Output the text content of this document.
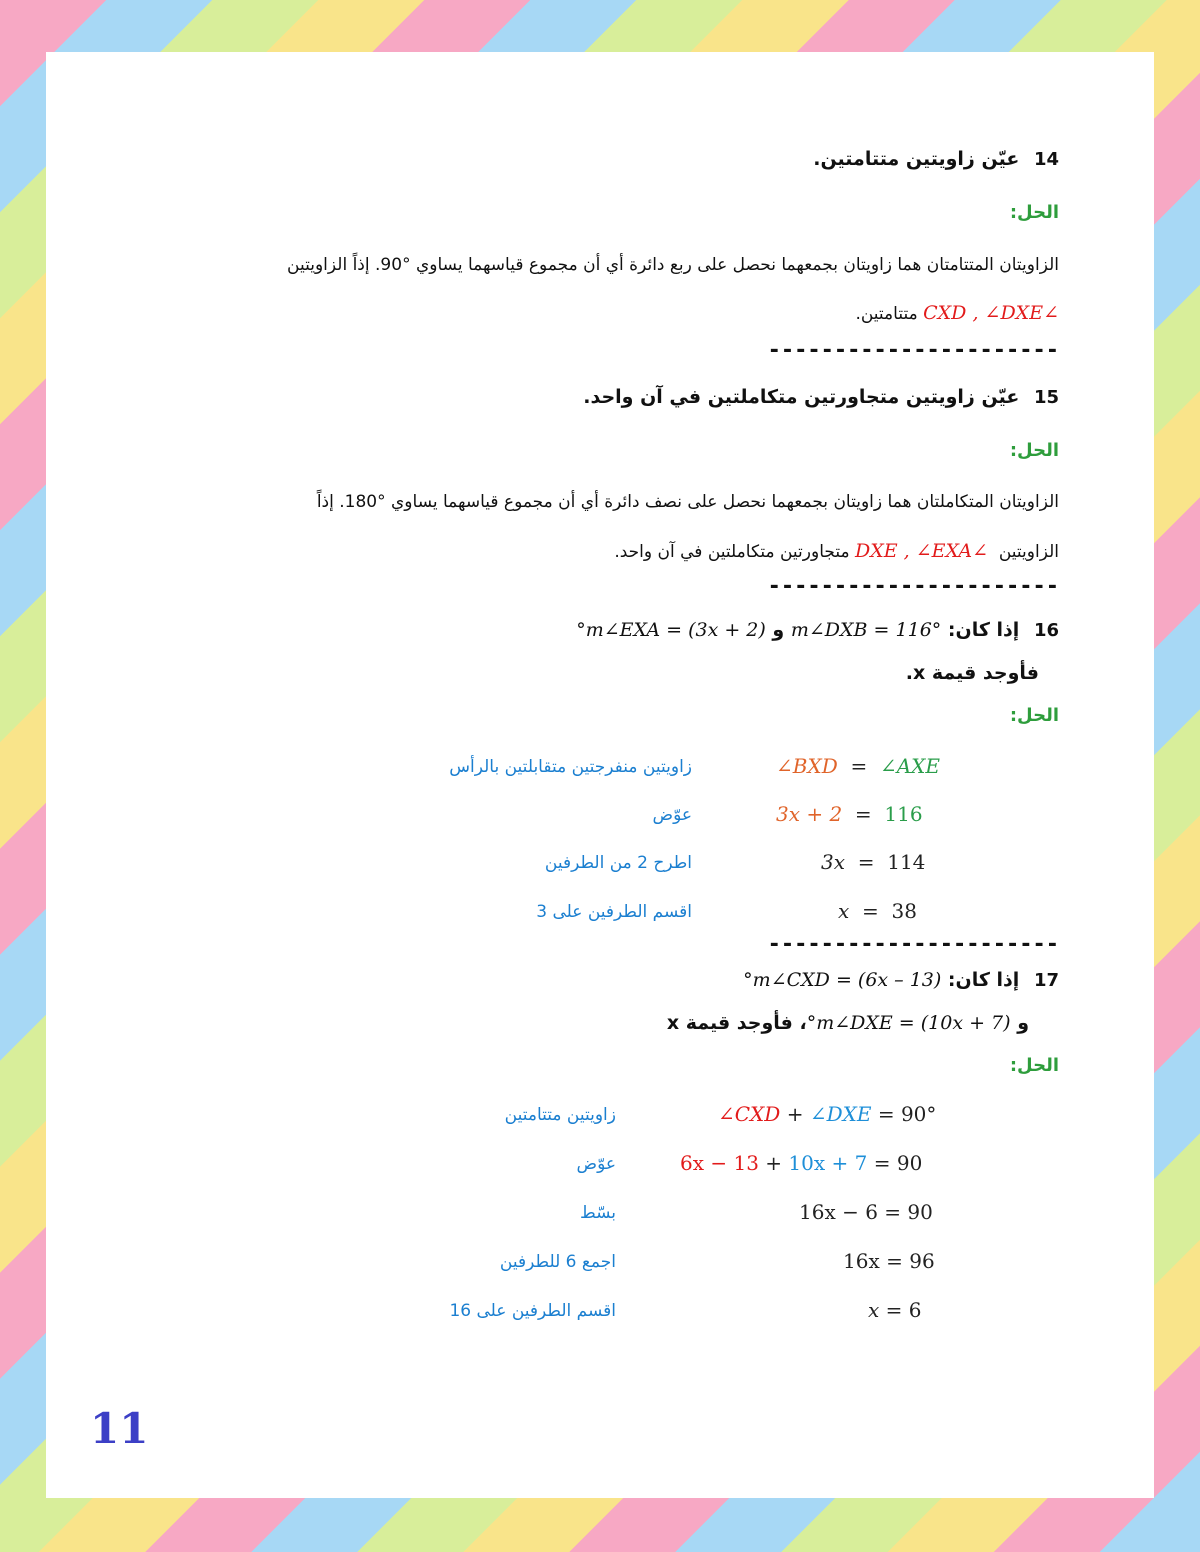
14 عيّن زاويتين متتامتين.
الحل:
الزاويتان المتتامتان هما زاويتان بجمعهما نحصل على ربع دائرة أي أن مجموع قياسهما يساوي °90. إذاً الزاويتين
∠CXD , ∠DXE متتامتين.
----------------------
15 عيّن زاويتين متجاورتين متكاملتين في آن واحد.
الحل:
الزاويتان المتكاملتان هما زاويتان بجمعهما نحصل على نصف دائرة أي أن مجموع قياسهما يساوي °180. إذاً
الزاويتين  ∠DXE , ∠EXA متجاورتين متكاملتين في آن واحد.
----------------------
16 إذا كان: m∠DXB = 116° و m∠EXA = (3x + 2)°
فأوجد قيمة x.
الحل:
∠BXD = ∠AXE
زاويتين منفرجتين متقابلتين بالرأس
3x + 2 = 116
عوّض
3x = 114
اطرح 2 من الطرفين
x = 38
اقسم الطرفين على 3
----------------------
17 إذا كان: m∠CXD = (6x – 13)°
و m∠DXE = (10x + 7)°، فأوجد قيمة x
الحل:
∠CXD + ∠DXE = 90°
زاويتين متتامتين
6x − 13 + 10x + 7 = 90
عوّض
16x − 6 = 90
بسّط
16x = 96
اجمع 6 للطرفين
x = 6
اقسم الطرفين على 16
11
